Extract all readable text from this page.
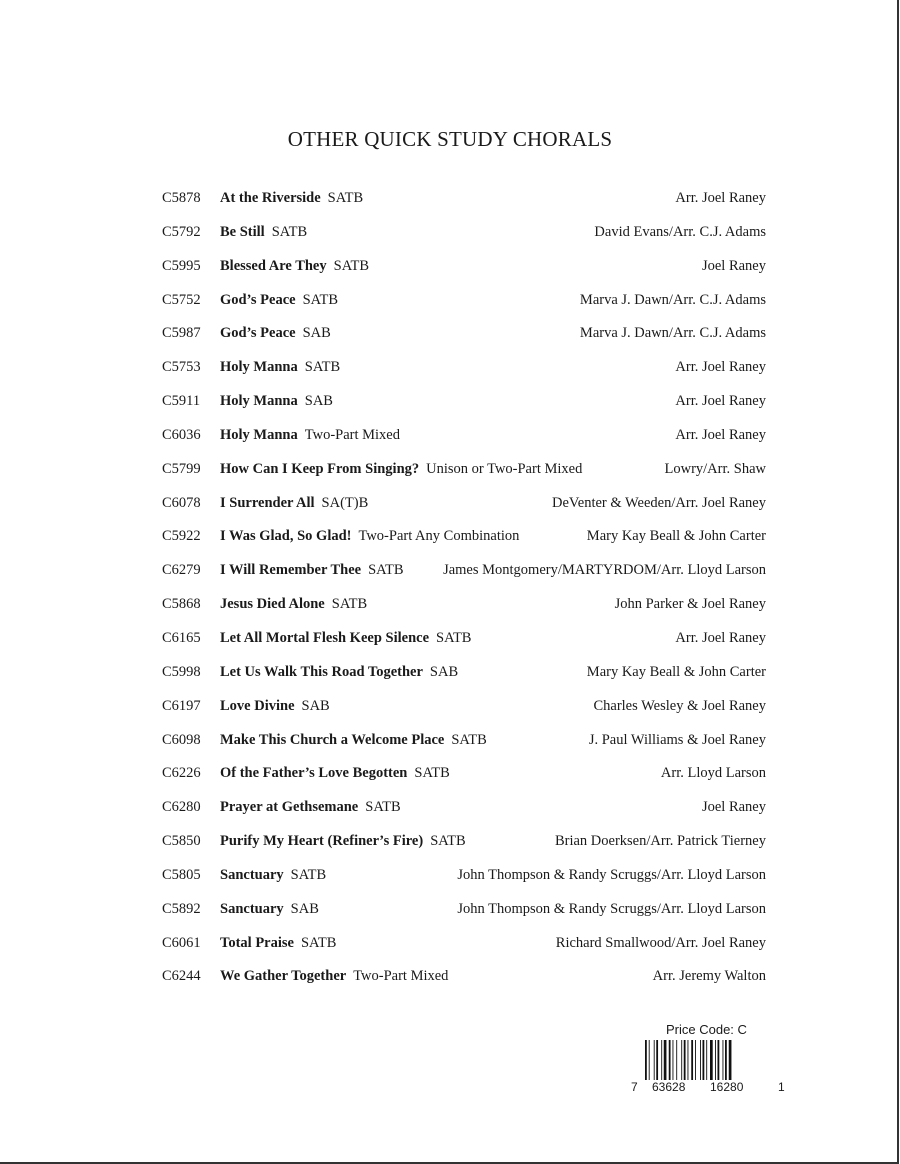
OTHER QUICK STUDY CHORALS
C5878 At the Riverside SATB	Arr. Joel Raney
C5792 Be Still SATB	David Evans/Arr. C.J. Adams
C5995 Blessed Are They SATB	Joel Raney
C5752 God’s Peace SATB	Marva J. Dawn/Arr. C.J. Adams
C5987 God’s Peace SAB	Marva J. Dawn/Arr. C.J. Adams
C5753 Holy Manna SATB	Arr. Joel Raney
C5911 Holy Manna SAB	Arr. Joel Raney
C6036 Holy Manna Two-Part Mixed	Arr. Joel Raney
C5799 How Can I Keep From Singing? Unison or Two-Part Mixed	Lowry/Arr. Shaw
C6078 I Surrender All SA(T)B	DeVenter & Weeden/Arr. Joel Raney
C5922 I Was Glad, So Glad! Two-Part Any Combination	Mary Kay Beall & John Carter
C6279 I Will Remember Thee SATB	James Montgomery/MARTYRDOM/Arr. Lloyd Larson
C5868 Jesus Died Alone SATB	John Parker & Joel Raney
C6165 Let All Mortal Flesh Keep Silence SATB	Arr. Joel Raney
C5998 Let Us Walk This Road Together SAB	Mary Kay Beall & John Carter
C6197 Love Divine SAB	Charles Wesley & Joel Raney
C6098 Make This Church a Welcome Place SATB	J. Paul Williams & Joel Raney
C6226 Of the Father’s Love Begotten SATB	Arr. Lloyd Larson
C6280 Prayer at Gethsemane SATB	Joel Raney
C5850 Purify My Heart (Refiner’s Fire) SATB	Brian Doerksen/Arr. Patrick Tierney
C5805 Sanctuary SATB	John Thompson & Randy Scruggs/Arr. Lloyd Larson
C5892 Sanctuary SAB	John Thompson & Randy Scruggs/Arr. Lloyd Larson
C6061 Total Praise SATB	Richard Smallwood/Arr. Joel Raney
C6244 We Gather Together Two-Part Mixed	Arr. Jeremy Walton
Price Code: C
7 63628 16280	1
